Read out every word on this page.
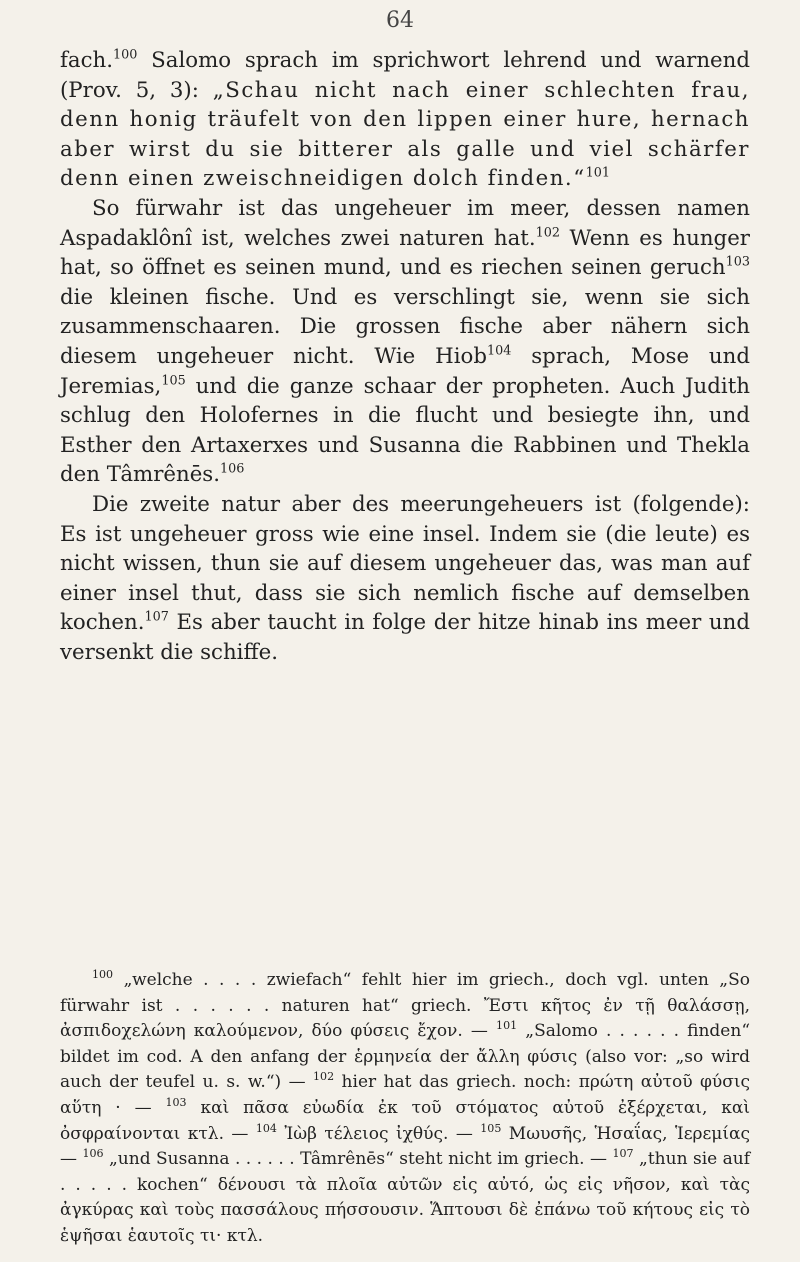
64

fach.$^{100}$ Salomo sprach im sprichwort lehrend und warnend (Prov. 5, 3): „Schau nicht nach einer schlechten frau, denn honig träufelt von den lippen einer hure, hernach aber wirst du sie bitterer als galle und viel schärfer denn einen zweischneidigen dolch finden.“$^{101}$

So fürwahr ist das ungeheuer im meer, dessen namen Aspadaklônî ist, welches zwei naturen hat.$^{102}$ Wenn es hunger hat, so öffnet es seinen mund, und es riechen seinen geruch$^{103}$ die kleinen fische. Und es verschlingt sie, wenn sie sich zusammenschaaren. Die grossen fische aber nähern sich diesem ungeheuer nicht. Wie Hiob$^{104}$ sprach, Mose und Jeremias,$^{105}$ und die ganze schaar der propheten. Auch Judith schlug den Holofernes in die flucht und besiegte ihn, und Esther den Artaxerxes und Susanna die Rabbinen und Thekla den Tâmrênēs.$^{106}$

Die zweite natur aber des meerungeheuers ist (folgende): Es ist ungeheuer gross wie eine insel. Indem sie (die leute) es nicht wissen, thun sie auf diesem ungeheuer das, was man auf einer insel thut, dass sie sich nemlich fische auf demselben kochen.$^{107}$ Es aber taucht in folge der hitze hinab ins meer und versenkt die schiffe.

$^{100}$ „welche . . . . zwiefach“ fehlt hier im griech., doch vgl. unten „So fürwahr ist . . . . . . naturen hat“ griech. Ἔστι κῆτος ἐν τῇ θαλάσσῃ, ἀσπιδοχελώνη καλούμενον, δύο φύσεις ἔχον. — $^{101}$ „Salomo . . . . . . finden“ bildet im cod. A den anfang der ἑρμηνεία der ἄλλη φύσις (also vor: „so wird auch der teufel u. s. w.“) — $^{102}$ hier hat das griech. noch: πρώτη αὐτοῦ φύσις αὕτη · — $^{103}$ καὶ πᾶσα εὐωδία ἐκ τοῦ στόματος αὐτοῦ ἐξέρχεται, καὶ ὀσφραίνονται κτλ. — $^{104}$ Ἰὼβ τέλειος ἰχθύς. — $^{105}$ Μωυσῆς, Ἡσαΐας, Ἱερεμίας — $^{106}$ „und Susanna . . . . . . Tâmrênēs“ steht nicht im griech. — $^{107}$ „thun sie auf . . . . . kochen“ δένουσι τὰ πλοῖα αὐτῶν εἰς αὐτό, ὡς εἰς νῆσον, καὶ τὰς ἀγκύρας καὶ τοὺς πασσάλους πήσσουσιν. Ἅπτουσι δὲ ἐπάνω τοῦ κήτους εἰς τὸ ἑψῆσαι ἑαυτοῖς τι· κτλ.
